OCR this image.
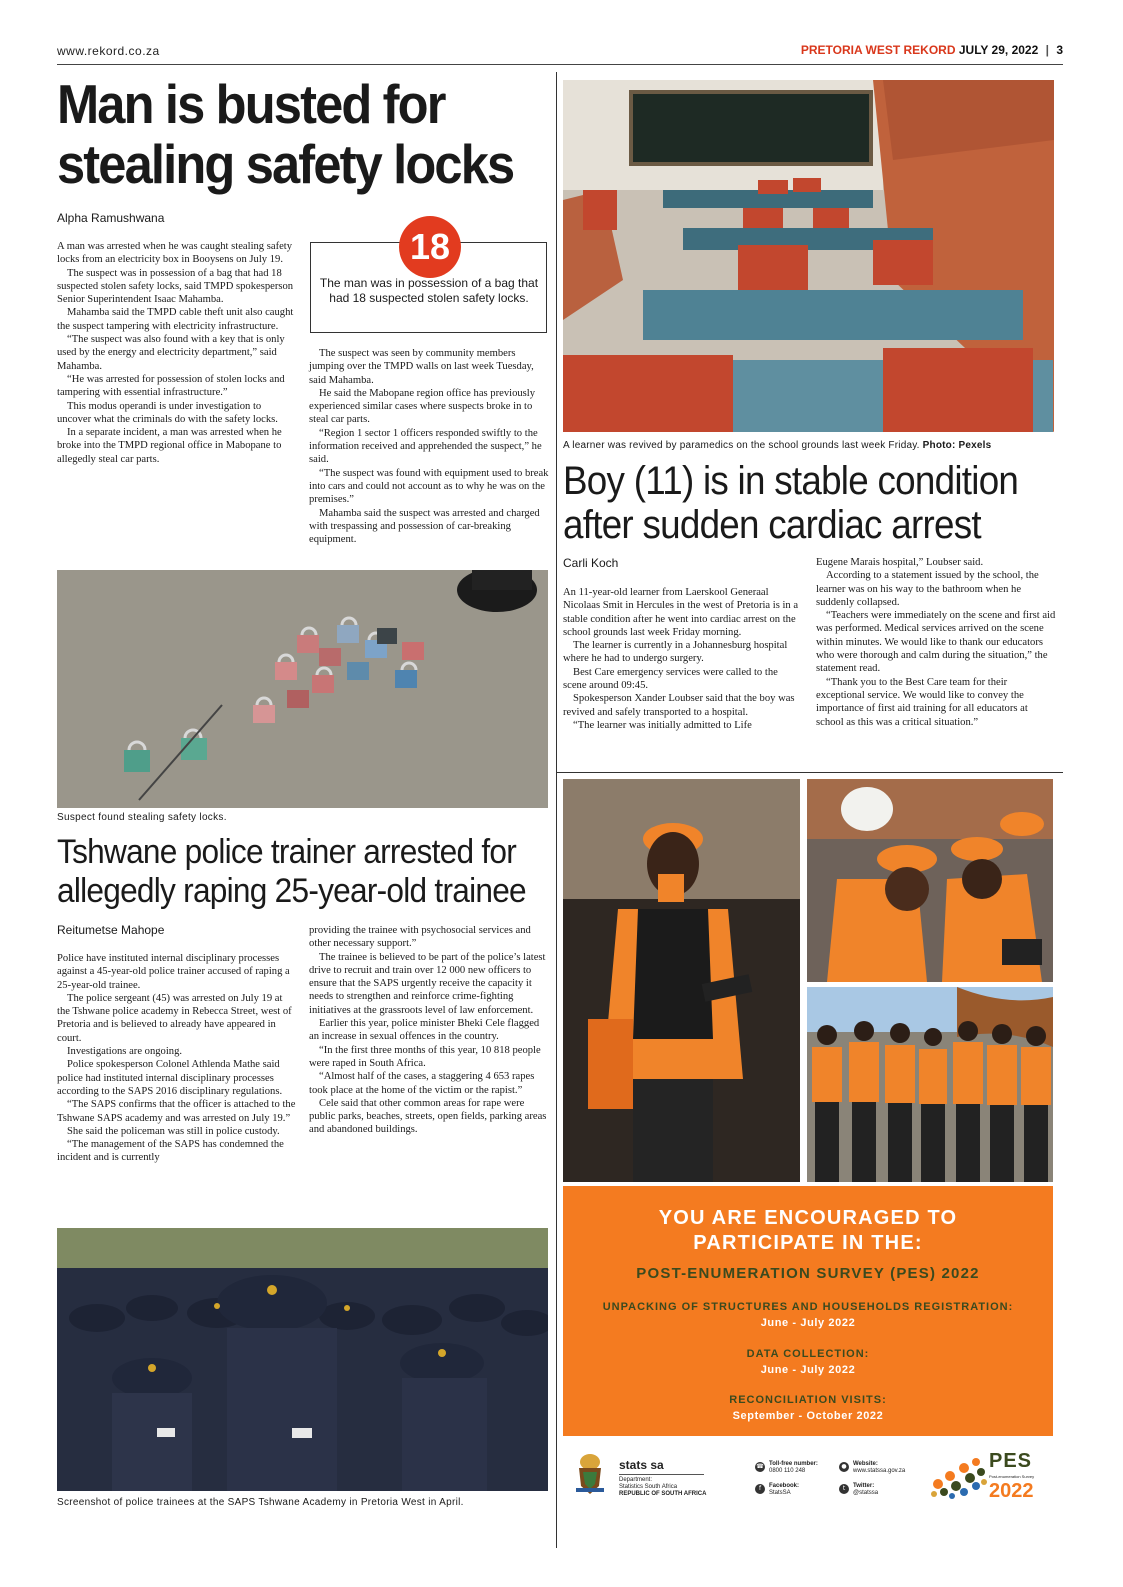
www.rekord.co.za	PRETORIA WEST REKORD JULY 29, 2022 | 3
Man is busted for
stealing safety locks
Alpha Ramushwana

A man was arrested when he was caught stealing safety locks from an electricity box in Booysens on July 19.

The suspect was in possession of a bag that had 18 suspected stolen safety locks, said TMPD spokesperson Senior Superintendent Isaac Mahamba.

Mahamba said the TMPD cable theft unit also caught the suspect tampering with electricity infrastructure.

“The suspect was also found with a key that is only used by the energy and electricity department,” said Mahamba.

“He was arrested for possession of stolen locks and tampering with essential infrastructure.”

This modus operandi is under investigation to uncover what the criminals do with the safety locks.

In a separate incident, a man was arrested when he broke into the TMPD regional office in Mabopane to allegedly steal car parts.

18
The man was in possession of a bag that had 18 suspected stolen safety locks.

The suspect was seen by community members jumping over the TMPD walls on last week Tuesday, said Mahamba.

He said the Mabopane region office has previously experienced similar cases where suspects broke in to steal car parts.

“Region 1 sector 1 officers responded swiftly to the information received and apprehended the suspect,” he said.

“The suspect was found with equipment used to break into cars and could not account as to why he was on the premises.”

Mahamba said the suspect was arrested and charged with trespassing and possession of car-breaking equipment.

Suspect found stealing safety locks.
Tshwane police trainer arrested for
allegedly raping 25-year-old trainee
Reitumetse Mahope

Police have instituted internal disciplinary processes against a 45-year-old police trainer accused of raping a 25-year-old trainee.

The police sergeant (45) was arrested on July 19 at the Tshwane police academy in Rebecca Street, west of Pretoria and is believed to already have appeared in court.

Investigations are ongoing.

Police spokesperson Colonel Athlenda Mathe said police had instituted internal disciplinary processes according to the SAPS 2016 disciplinary regulations.

“The SAPS confirms that the officer is attached to the Tshwane SAPS academy and was arrested on July 19.”

She said the policeman was still in police custody.

“The management of the SAPS has condemned the incident and is currently

providing the trainee with psychosocial services and other necessary support.”

The trainee is believed to be part of the police’s latest drive to recruit and train over 12 000 new officers to ensure that the SAPS urgently receive the capacity it needs to strengthen and reinforce crime-fighting initiatives at the grassroots level of law enforcement.

Earlier this year, police minister Bheki Cele flagged an increase in sexual offences in the country.

“In the first three months of this year, 10 818 people were raped in South Africa.

“Almost half of the cases, a staggering 4 653 rapes took place at the home of the victim or the rapist.”

Cele said that other common areas for rape were public parks, beaches, streets, open fields, parking areas and abandoned buildings.

Screenshot of police trainees at the SAPS Tshwane Academy in Pretoria West in April.
A learner was revived by paramedics on the school grounds last week Friday. Photo: Pexels
Boy (11) is in stable condition
after sudden cardiac arrest
Carli Koch

An 11-year-old learner from Laerskool Generaal Nicolaas Smit in Hercules in the west of Pretoria is in a stable condition after he went into cardiac arrest on the school grounds last week Friday morning.

The learner is currently in a Johannesburg hospital where he had to undergo surgery.

Best Care emergency services were called to the scene around 09:45.

Spokesperson Xander Loubser said that the boy was revived and safely transported to a hospital.

“The learner was initially admitted to Life

Eugene Marais hospital,” Loubser said.

According to a statement issued by the school, the learner was on his way to the bathroom when he suddenly collapsed.

“Teachers were immediately on the scene and first aid was performed. Medical services arrived on the scene within minutes. We would like to thank our educators who were thorough and calm during the situation,” the statement read.

“Thank you to the Best Care team for their exceptional service. We would like to convey the importance of first aid training for all educators at school as this was a critical situation.”

YOU ARE ENCOURAGED TO
PARTICIPATE IN THE:
POST-ENUMERATION SURVEY (PES) 2022
UNPACKING OF STRUCTURES AND HOUSEHOLDS REGISTRATION:
June - July 2022
DATA COLLECTION:
June - July 2022
RECONCILIATION VISITS:
September - October 2022
stats sa
Department:
Statistics South Africa
REPUBLIC OF SOUTH AFRICA
☎ Toll-free number:
0800 110 248
●	Website:
www.statssa.gov.za
f	Facebook:
StatsSA
t	Twitter:
@statssa
PES
Post-enumeration Survey
2022
